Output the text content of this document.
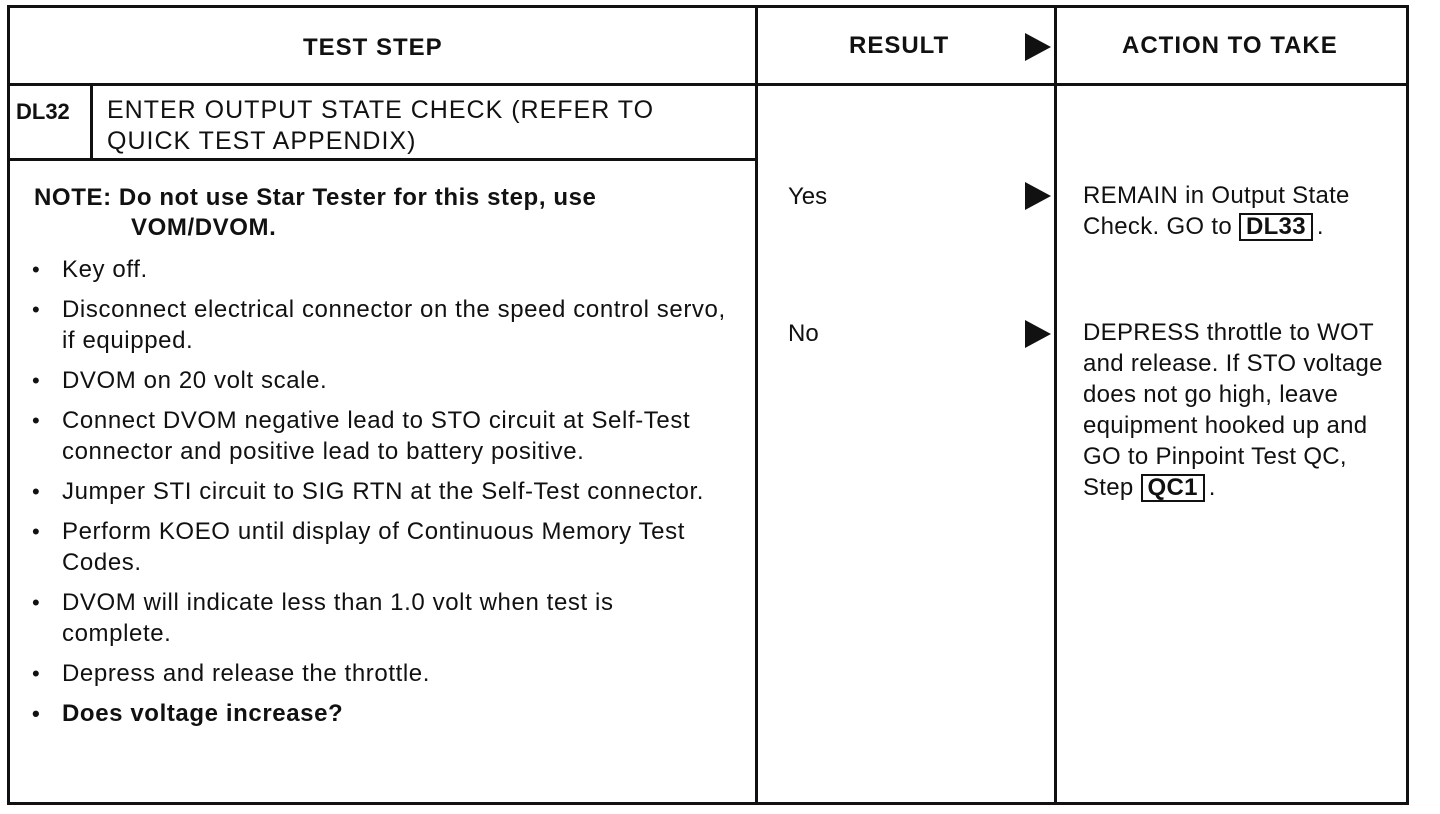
TEST STEP	RESULT	ACTION TO TAKE
DL32 ENTER OUTPUT STATE CHECK (REFER TO
QUICK TEST APPENDIX)
NOTE: Do not use Star Tester for this step, use
VOM/DVOM.
• Key off.
• Disconnect electrical connector on the speed control servo, if equipped.
• DVOM on 20 volt scale.
• Connect DVOM negative lead to STO circuit at Self-Test connector and positive lead to battery positive.
• Jumper STI circuit to SIG RTN at the Self-Test connector.
• Perform KOEO until display of Continuous Memory Test Codes.
• DVOM will indicate less than 1.0 volt when test is complete.
• Depress and release the throttle.
• Does voltage increase?
Yes
No
REMAIN in Output State Check. GO to DL33 .
DEPRESS throttle to WOT and release. If STO voltage does not go high, leave equipment hooked up and GO to Pinpoint Test QC, Step QC1 .
